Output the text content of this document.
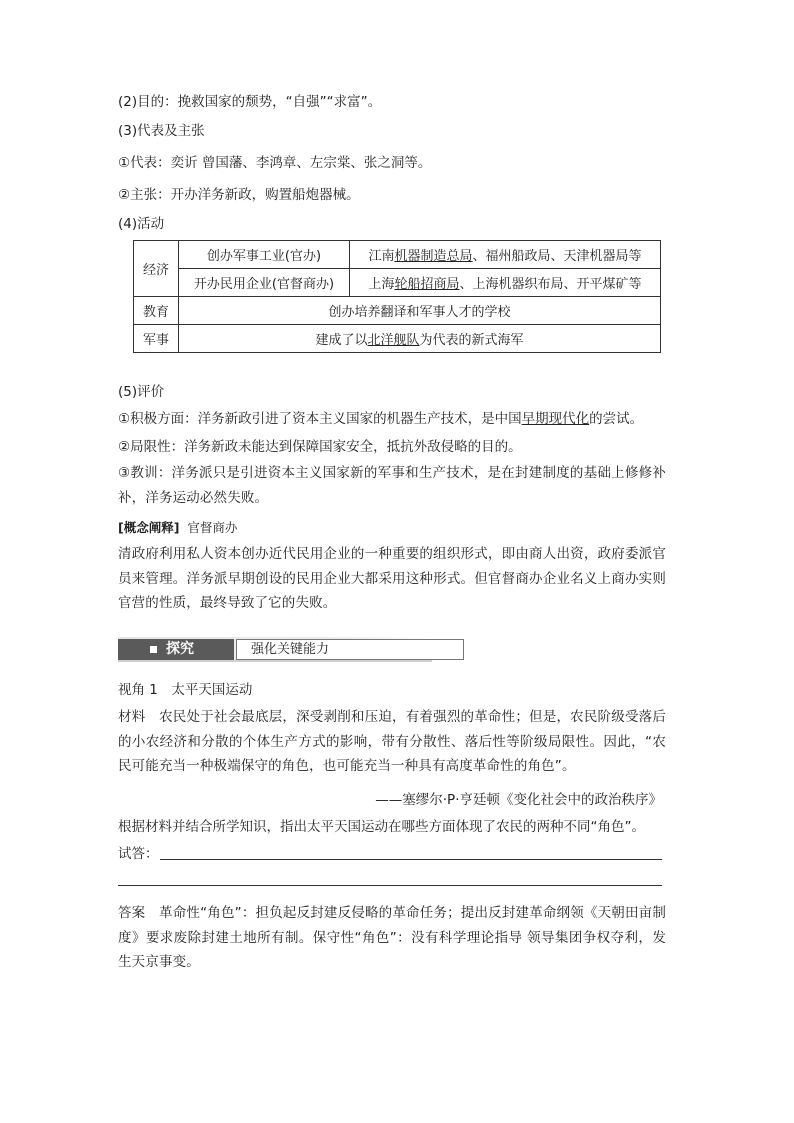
(2)目的：挽救国家的颓势，“自强”“求富”。
(3)代表及主张
①代表：奕䜣 曾国藩、李鸿章、左宗棠、张之洞等。
②主张：开办洋务新政，购置船炮器械。
(4)活动
经济	创办军事工业(官办)	江南机器制造总局、福州船政局、天津机器局等
	开办民用企业(官督商办)	上海轮船招商局、上海机器织布局、开平煤矿等
教育	创办培养翻译和军事人才的学校	
军事	建成了以北洋舰队为代表的新式海军	
(5)评价
①积极方面：洋务新政引进了资本主义国家的机器生产技术，是中国早期现代化的尝试。
②局限性：洋务新政未能达到保障国家安全，抵抗外敌侵略的目的。
③教训：洋务派只是引进资本主义国家新的军事和生产技术，是在封建制度的基础上修修补补，洋务运动必然失败。
[概念阐释] 官督商办
清政府利用私人资本创办近代民用企业的一种重要的组织形式，即由商人出资，政府委派官员来管理。洋务派早期创设的民用企业大都采用这种形式。但官督商办企业名义上商办实则官营的性质，最终导致了它的失败。
探究	强化关键能力
视角 1　太平天国运动
材料　农民处于社会最底层，深受剥削和压迫，有着强烈的革命性；但是，农民阶级受落后的小农经济和分散的个体生产方式的影响，带有分散性、落后性等阶级局限性。因此，“农民可能充当一种极端保守的角色，也可能充当一种具有高度革命性的角色”。
——塞缪尔·P·亨廷顿《变化社会中的政治秩序》
根据材料并结合所学知识，指出太平天国运动在哪些方面体现了农民的两种不同“角色”。
试答：
答案　革命性“角色”：担负起反封建反侵略的革命任务；提出反封建革命纲领《天朝田亩制度》要求废除封建土地所有制。保守性“角色”：没有科学理论指导 领导集团争权夺利，发生天京事变。
